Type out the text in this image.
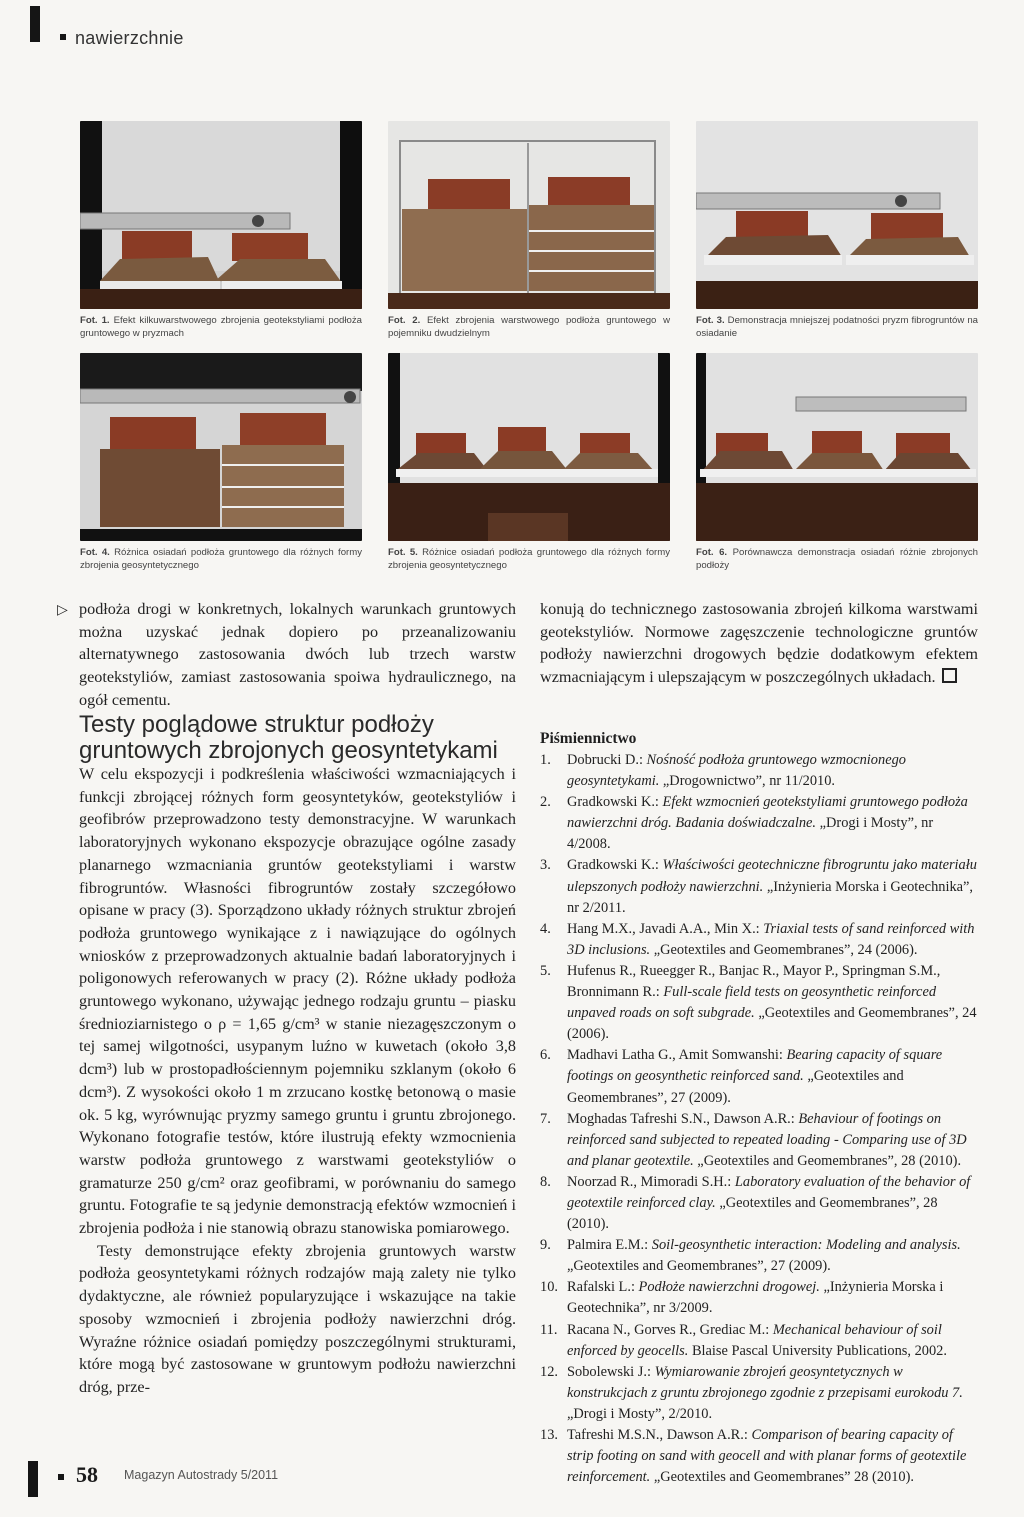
nawierzchnie
Fot. 1. Efekt kilkuwarstwowego zbrojenia geotekstyliami podłoża gruntowego w pryzmach
Fot. 2. Efekt zbrojenia warstwowego podłoża gruntowego w pojemniku dwudzielnym
Fot. 3. Demonstracja mniejszej podatności pryzm fibrogruntów na osiadanie
Fot. 4. Różnica osiadań podłoża gruntowego dla różnych formy zbrojenia geosyntetycznego
Fot. 5. Różnice osiadań podłoża gruntowego dla różnych formy zbrojenia geosyntetycznego
Fot. 6. Porównawcza demonstracja osiadań różnie zbrojonych podłoży
▷ podłoża drogi w konkretnych, lokalnych warunkach gruntowych można uzyskać jednak dopiero po przeanalizowaniu alternatywnego zastosowania dwóch lub trzech warstw geotekstyliów, zamiast zastosowania spoiwa hydraulicznego, na ogół cementu.

Testy poglądowe struktur podłoży gruntowych zbrojonych geosyntetykami

W celu ekspozycji i podkreślenia właściwości wzmacniających i funkcji zbrojącej różnych form geosyntetyków, geotekstyliów i geofibrów przeprowadzono testy demonstracyjne. W warunkach laboratoryjnych wykonano ekspozycje obrazujące ogólne zasady planarnego wzmacniania gruntów geotekstyliami i warstw fibrogruntów. Własności fibrogruntów zostały szczegółowo opisane w pracy (3). Sporządzono układy różnych struktur zbrojeń podłoża gruntowego wynikające z i nawiązujące do ogólnych wniosków z przeprowadzonych aktualnie badań laboratoryjnych i poligonowych referowanych w pracy (2). Różne układy podłoża gruntowego wykonano, używając jednego rodzaju gruntu – piasku średnioziarnistego o ρ = 1,65 g/cm³ w stanie niezagęszczonym o tej samej wilgotności, usypanym luźno w kuwetach (około 3,8 dcm³) lub w prostopadłościennym pojemniku szklanym (około 6 dcm³). Z wysokości około 1 m zrzucano kostkę betonową o masie ok. 5 kg, wyrównując pryzmy samego gruntu i gruntu zbrojonego. Wykonano fotografie testów, które ilustrują efekty wzmocnienia warstw podłoża gruntowego z warstwami geotekstyliów o gramaturze 250 g/cm² oraz geofibrami, w porównaniu do samego gruntu. Fotografie te są jedynie demonstracją efektów wzmocnień i zbrojenia podłoża i nie stanowią obrazu stanowiska pomiarowego.

Testy demonstrujące efekty zbrojenia gruntowych warstw podłoża geosyntetykami różnych rodzajów mają zalety nie tylko dydaktyczne, ale również popularyzujące i wskazujące na takie sposoby wzmocnień i zbrojenia podłoży nawierzchni dróg. Wyraźne różnice osiadań pomiędzy poszczególnymi strukturami, które mogą być zastosowane w gruntowym podłożu nawierzchni dróg, prze-

konują do technicznego zastosowania zbrojeń kilkoma warstwami geotekstyliów. Normowe zagęszczenie technologiczne gruntów podłoży nawierzchni drogowych będzie dodatkowym efektem wzmacniającym i ulepszającym w poszczególnych układach.

Piśmiennictwo
1. Dobrucki D.: Nośność podłoża gruntowego wzmocnionego geosyntetykami. „Drogownictwo”, nr 11/2010.
2. Gradkowski K.: Efekt wzmocnień geotekstyliami gruntowego podłoża nawierzchni dróg. Badania doświadczalne. „Drogi i Mosty”, nr 4/2008.
3. Gradkowski K.: Właściwości geotechniczne fibrogruntu jako materiału ulepszonych podłoży nawierzchni. „Inżynieria Morska i Geotechnika”, nr 2/2011.
4. Hang M.X., Javadi A.A., Min X.: Triaxial tests of sand reinforced with 3D inclusions. „Geotextiles and Geomembranes”, 24 (2006).
5. Hufenus R., Rueegger R., Banjac R., Mayor P., Springman S.M., Bronnimann R.: Full-scale field tests on geosynthetic reinforced unpaved roads on soft subgrade. „Geotextiles and Geomembranes”, 24 (2006).
6. Madhavi Latha G., Amit Somwanshi: Bearing capacity of square footings on geosynthetic reinforced sand. „Geotextiles and Geomembranes”, 27 (2009).
7. Moghadas Tafreshi S.N., Dawson A.R.: Behaviour of footings on reinforced sand subjected to repeated loading - Comparing use of 3D and planar geotextile. „Geotextiles and Geomembranes”, 28 (2010).
8. Noorzad R., Mimoradi S.H.: Laboratory evaluation of the behavior of geotextile reinforced clay. „Geotextiles and Geomembranes”, 28 (2010).
9. Palmira E.M.: Soil-geosynthetic interaction: Modeling and analysis. „Geotextiles and Geomembranes”, 27 (2009).
10. Rafalski L.: Podłoże nawierzchni drogowej. „Inżynieria Morska i Geotechnika”, nr 3/2009.
11. Racana N., Gorves R., Grediac M.: Mechanical behaviour of soil enforced by geocells. Blaise Pascal University Publications, 2002.
12. Sobolewski J.: Wymiarowanie zbrojeń geosyntetycznych w konstrukcjach z gruntu zbrojonego zgodnie z przepisami eurokodu 7. „Drogi i Mosty”, 2/2010.
13. Tafreshi M.S.N., Dawson A.R.: Comparison of bearing capacity of strip footing on sand with geocell and with planar forms of geotextile reinforcement. „Geotextiles and Geomembranes” 28 (2010).
58 Magazyn Autostrady 5/2011
